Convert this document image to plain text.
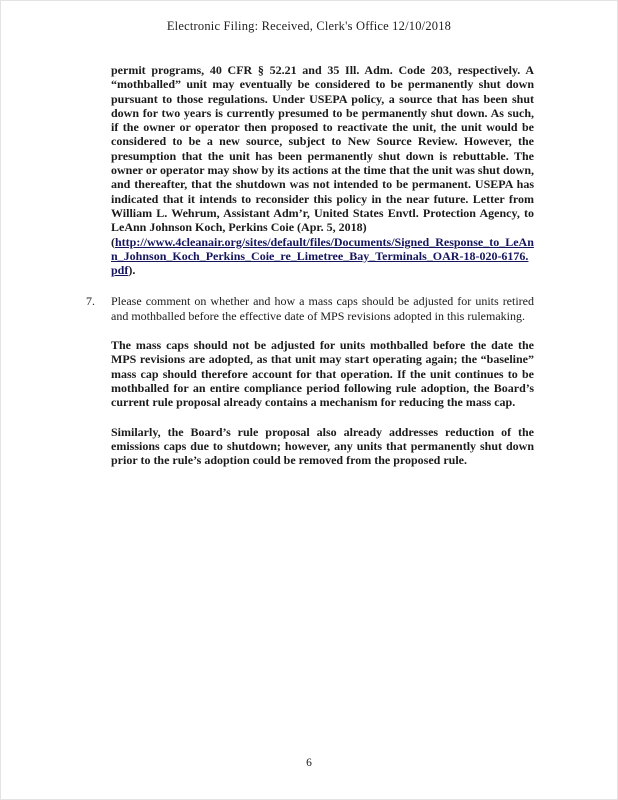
Electronic Filing: Received, Clerk's Office 12/10/2018

permit programs, 40 CFR § 52.21 and 35 Ill. Adm. Code 203, respectively. A “mothballed” unit may eventually be considered to be permanently shut down pursuant to those regulations. Under USEPA policy, a source that has been shut down for two years is currently presumed to be permanently shut down. As such, if the owner or operator then proposed to reactivate the unit, the unit would be considered to be a new source, subject to New Source Review. However, the presumption that the unit has been permanently shut down is rebuttable. The owner or operator may show by its actions at the time that the unit was shut down, and thereafter, that the shutdown was not intended to be permanent. USEPA has indicated that it intends to reconsider this policy in the near future. Letter from William L. Wehrum, Assistant Adm’r, United States Envtl. Protection Agency, to LeAnn Johnson Koch, Perkins Coie (Apr. 5, 2018)
(http://www.4cleanair.org/sites/default/files/Documents/Signed_Response_to_LeAnn_Johnson_Koch_Perkins_Coie_re_Limetree_Bay_Terminals_OAR-18-020-6176.pdf).

7.	Please comment on whether and how a mass caps should be adjusted for units retired and mothballed before the effective date of MPS revisions adopted in this rulemaking.

The mass caps should not be adjusted for units mothballed before the date the MPS revisions are adopted, as that unit may start operating again; the “baseline” mass cap should therefore account for that operation. If the unit continues to be mothballed for an entire compliance period following rule adoption, the Board’s current rule proposal already contains a mechanism for reducing the mass cap.

Similarly, the Board’s rule proposal also already addresses reduction of the emissions caps due to shutdown; however, any units that permanently shut down prior to the rule’s adoption could be removed from the proposed rule.

6
